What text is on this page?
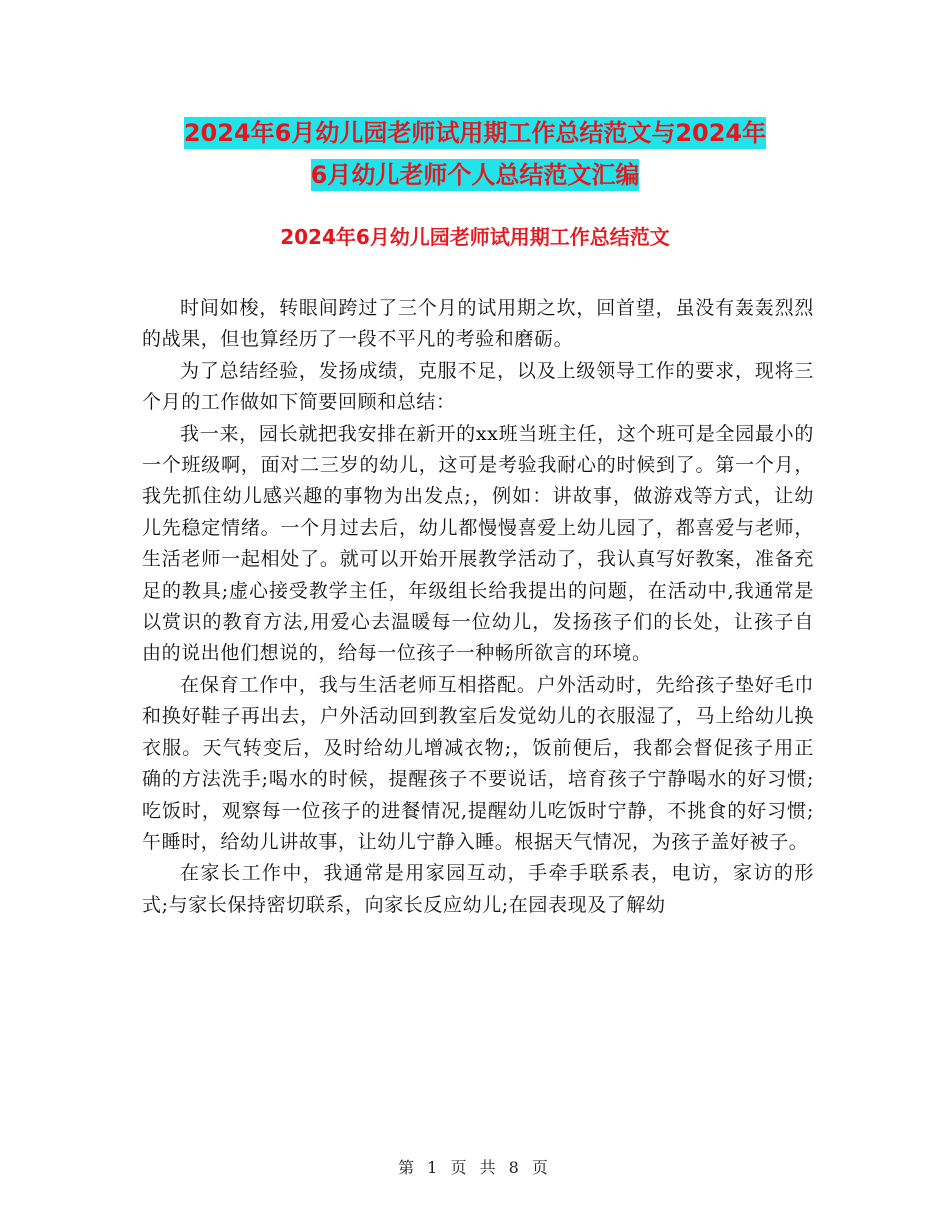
2024年6月幼儿园老师试用期工作总结范文与2024年
6月幼儿老师个人总结范文汇编
2024年6月幼儿园老师试用期工作总结范文

时间如梭，转眼间跨过了三个月的试用期之坎，回首望，虽没有轰轰烈烈的战果，但也算经历了一段不平凡的考验和磨砺。

为了总结经验，发扬成绩，克服不足，以及上级领导工作的要求，现将三个月的工作做如下简要回顾和总结：

我一来，园长就把我安排在新开的xx班当班主任，这个班可是全园最小的一个班级啊，面对二三岁的幼儿，这可是考验我耐心的时候到了。第一个月，我先抓住幼儿感兴趣的事物为出发点;，例如：讲故事，做游戏等方式，让幼儿先稳定情绪。一个月过去后，幼儿都慢慢喜爱上幼儿园了，都喜爱与老师，生活老师一起相处了。就可以开始开展教学活动了，我认真写好教案，准备充足的教具;虚心接受教学主任，年级组长给我提出的问题，在活动中,我通常是以赏识的教育方法,用爱心去温暖每一位幼儿，发扬孩子们的长处，让孩子自由的说出他们想说的，给每一位孩子一种畅所欲言的环境。

在保育工作中，我与生活老师互相搭配。户外活动时，先给孩子垫好毛巾和换好鞋子再出去，户外活动回到教室后发觉幼儿的衣服湿了，马上给幼儿换衣服。天气转变后，及时给幼儿增减衣物;，饭前便后，我都会督促孩子用正确的方法洗手;喝水的时候，提醒孩子不要说话，培育孩子宁静喝水的好习惯;吃饭时，观察每一位孩子的进餐情况,提醒幼儿吃饭时宁静，不挑食的好习惯;午睡时，给幼儿讲故事，让幼儿宁静入睡。根据天气情况，为孩子盖好被子。

在家长工作中，我通常是用家园互动，手牵手联系表，电访，家访的形式;与家长保持密切联系，向家长反应幼儿;在园表现及了解幼

第 1 页 共 8 页
